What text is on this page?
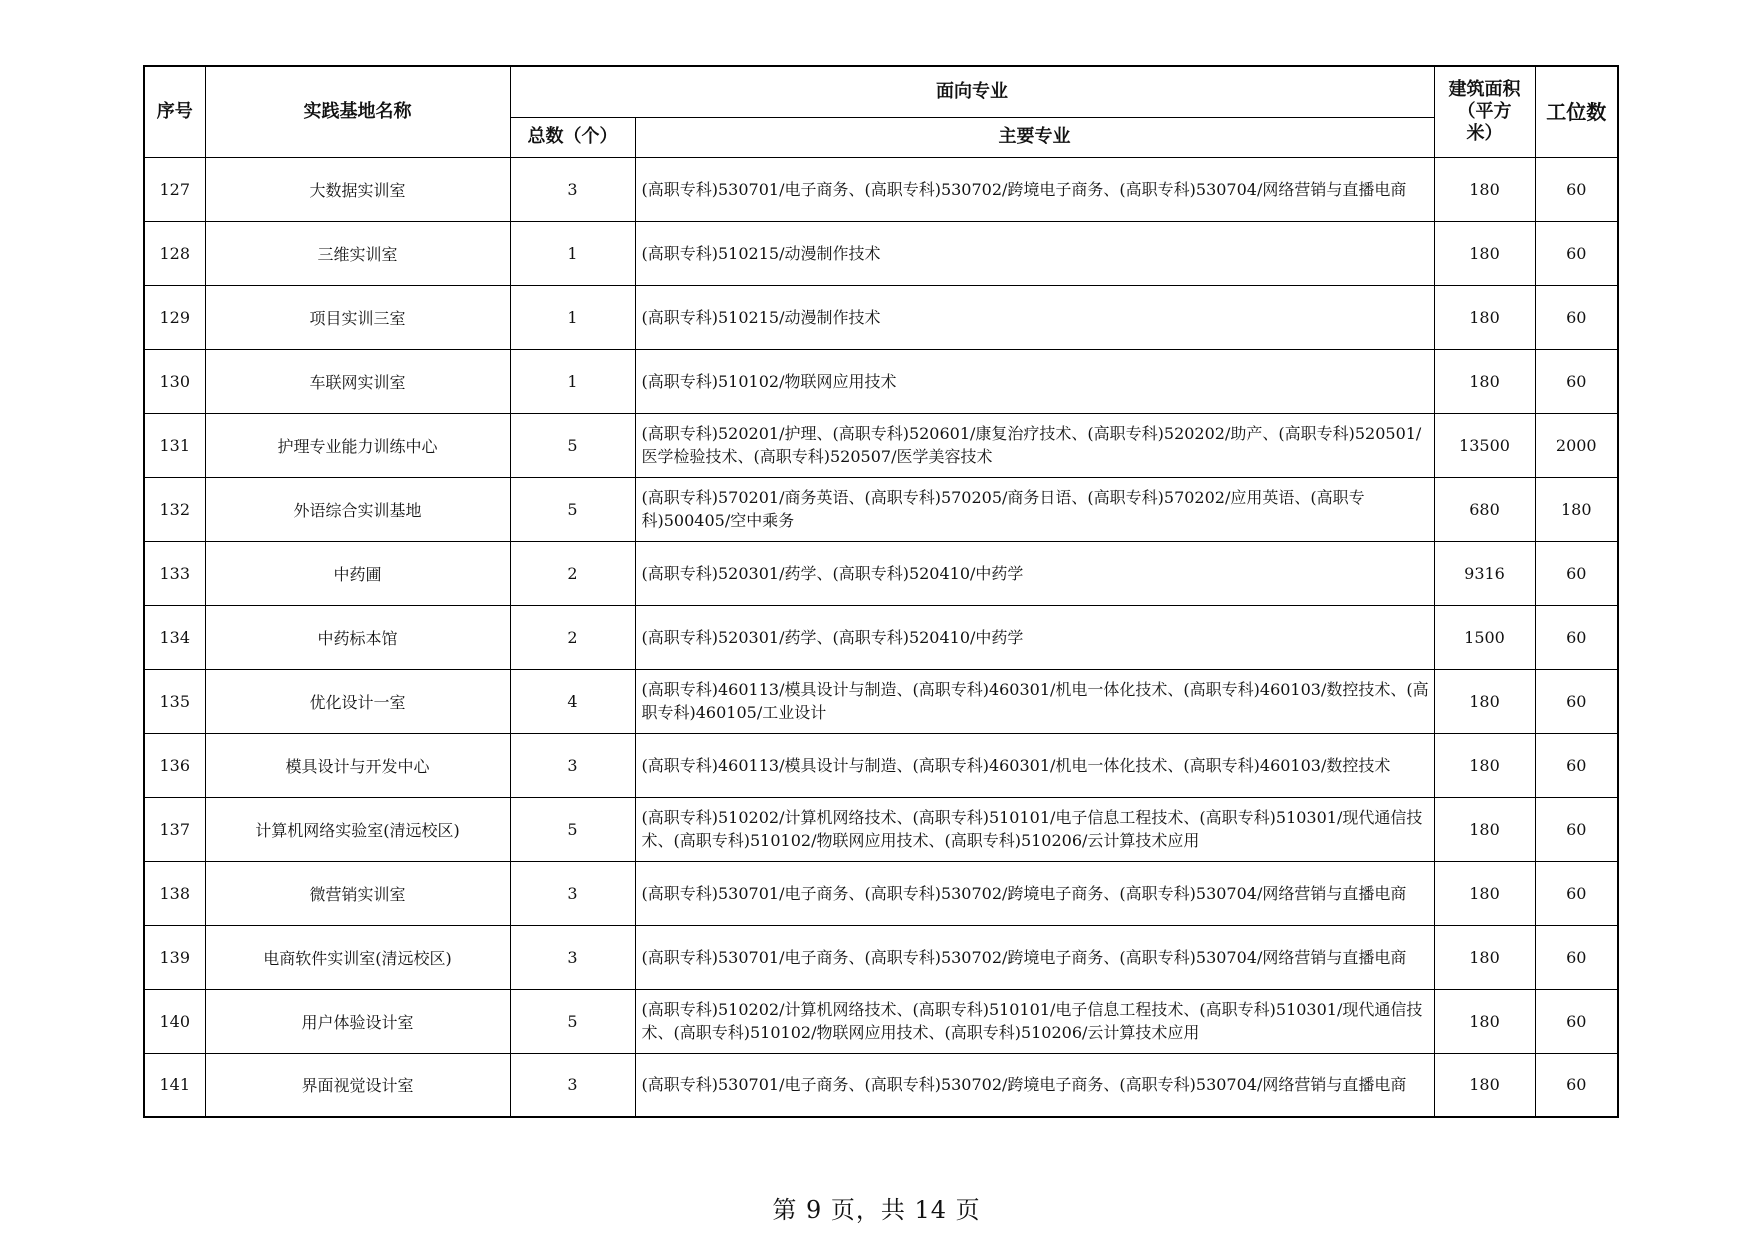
序号	实践基地名称	面向专业		建筑面积（平方米）	工位数
		总数（个）	主要专业		
127	大数据实训室	3	(高职专科)530701/电子商务、(高职专科)530702/跨境电子商务、(高职专科)530704/网络营销与直播电商	180	60
128	三维实训室	1	(高职专科)510215/动漫制作技术	180	60
129	项目实训三室	1	(高职专科)510215/动漫制作技术	180	60
130	车联网实训室	1	(高职专科)510102/物联网应用技术	180	60
131	护理专业能力训练中心	5	(高职专科)520201/护理、(高职专科)520601/康复治疗技术、(高职专科)520202/助产、(高职专科)520501/医学检验技术、(高职专科)520507/医学美容技术	13500	2000
132	外语综合实训基地	5	(高职专科)570201/商务英语、(高职专科)570205/商务日语、(高职专科)570202/应用英语、(高职专科)500405/空中乘务	680	180
133	中药圃	2	(高职专科)520301/药学、(高职专科)520410/中药学	9316	60
134	中药标本馆	2	(高职专科)520301/药学、(高职专科)520410/中药学	1500	60
135	优化设计一室	4	(高职专科)460113/模具设计与制造、(高职专科)460301/机电一体化技术、(高职专科)460103/数控技术、(高职专科)460105/工业设计	180	60
136	模具设计与开发中心	3	(高职专科)460113/模具设计与制造、(高职专科)460301/机电一体化技术、(高职专科)460103/数控技术	180	60
137	计算机网络实验室(清远校区)	5	(高职专科)510202/计算机网络技术、(高职专科)510101/电子信息工程技术、(高职专科)510301/现代通信技术、(高职专科)510102/物联网应用技术、(高职专科)510206/云计算技术应用	180	60
138	微营销实训室	3	(高职专科)530701/电子商务、(高职专科)530702/跨境电子商务、(高职专科)530704/网络营销与直播电商	180	60
139	电商软件实训室(清远校区)	3	(高职专科)530701/电子商务、(高职专科)530702/跨境电子商务、(高职专科)530704/网络营销与直播电商	180	60
140	用户体验设计室	5	(高职专科)510202/计算机网络技术、(高职专科)510101/电子信息工程技术、(高职专科)510301/现代通信技术、(高职专科)510102/物联网应用技术、(高职专科)510206/云计算技术应用	180	60
141	界面视觉设计室	3	(高职专科)530701/电子商务、(高职专科)530702/跨境电子商务、(高职专科)530704/网络营销与直播电商	180	60
第 9 页，共 14 页
